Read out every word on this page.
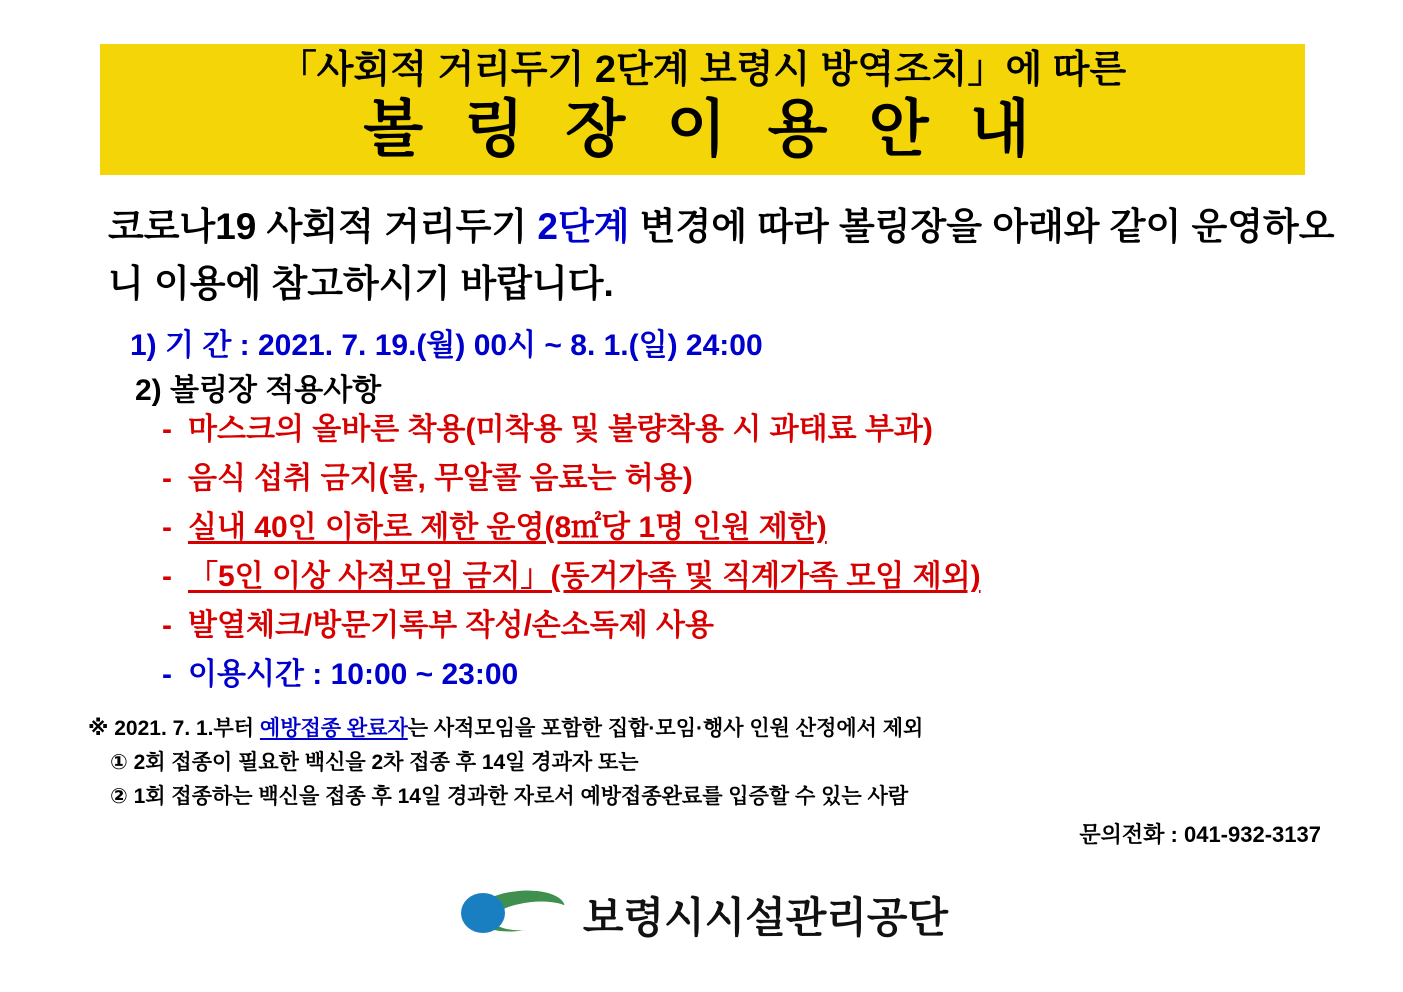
「사회적 거리두기 2단계 보령시 방역조치」에 따른
볼 링 장 이 용 안 내
코로나19 사회적 거리두기 2단계 변경에 따라 볼링장을 아래와 같이 운영하오니 이용에 참고하시기 바랍니다.
1) 기 간 : 2021. 7. 19.(월) 00시 ~ 8. 1.(일) 24:00
2) 볼링장 적용사항
- 마스크의 올바른 착용(미착용 및 불량착용 시 과태료 부과)
- 음식 섭취 금지(물, 무알콜 음료는 허용)
- 실내 40인 이하로 제한 운영(8㎡당 1명 인원 제한)
- 「5인 이상 사적모임 금지」(동거가족 및 직계가족 모임 제외)
- 발열체크/방문기록부 작성/손소독제 사용
- 이용시간 : 10:00 ~ 23:00
※ 2021. 7. 1.부터 예방접종 완료자는 사적모임을 포함한 집합·모임·행사 인원 산정에서 제외
① 2회 접종이 필요한 백신을 2차 접종 후 14일 경과자 또는
② 1회 접종하는 백신을 접종 후 14일 경과한 자로서 예방접종완료를 입증할 수 있는 사람
문의전화 : 041-932-3137
보령시시설관리공단
